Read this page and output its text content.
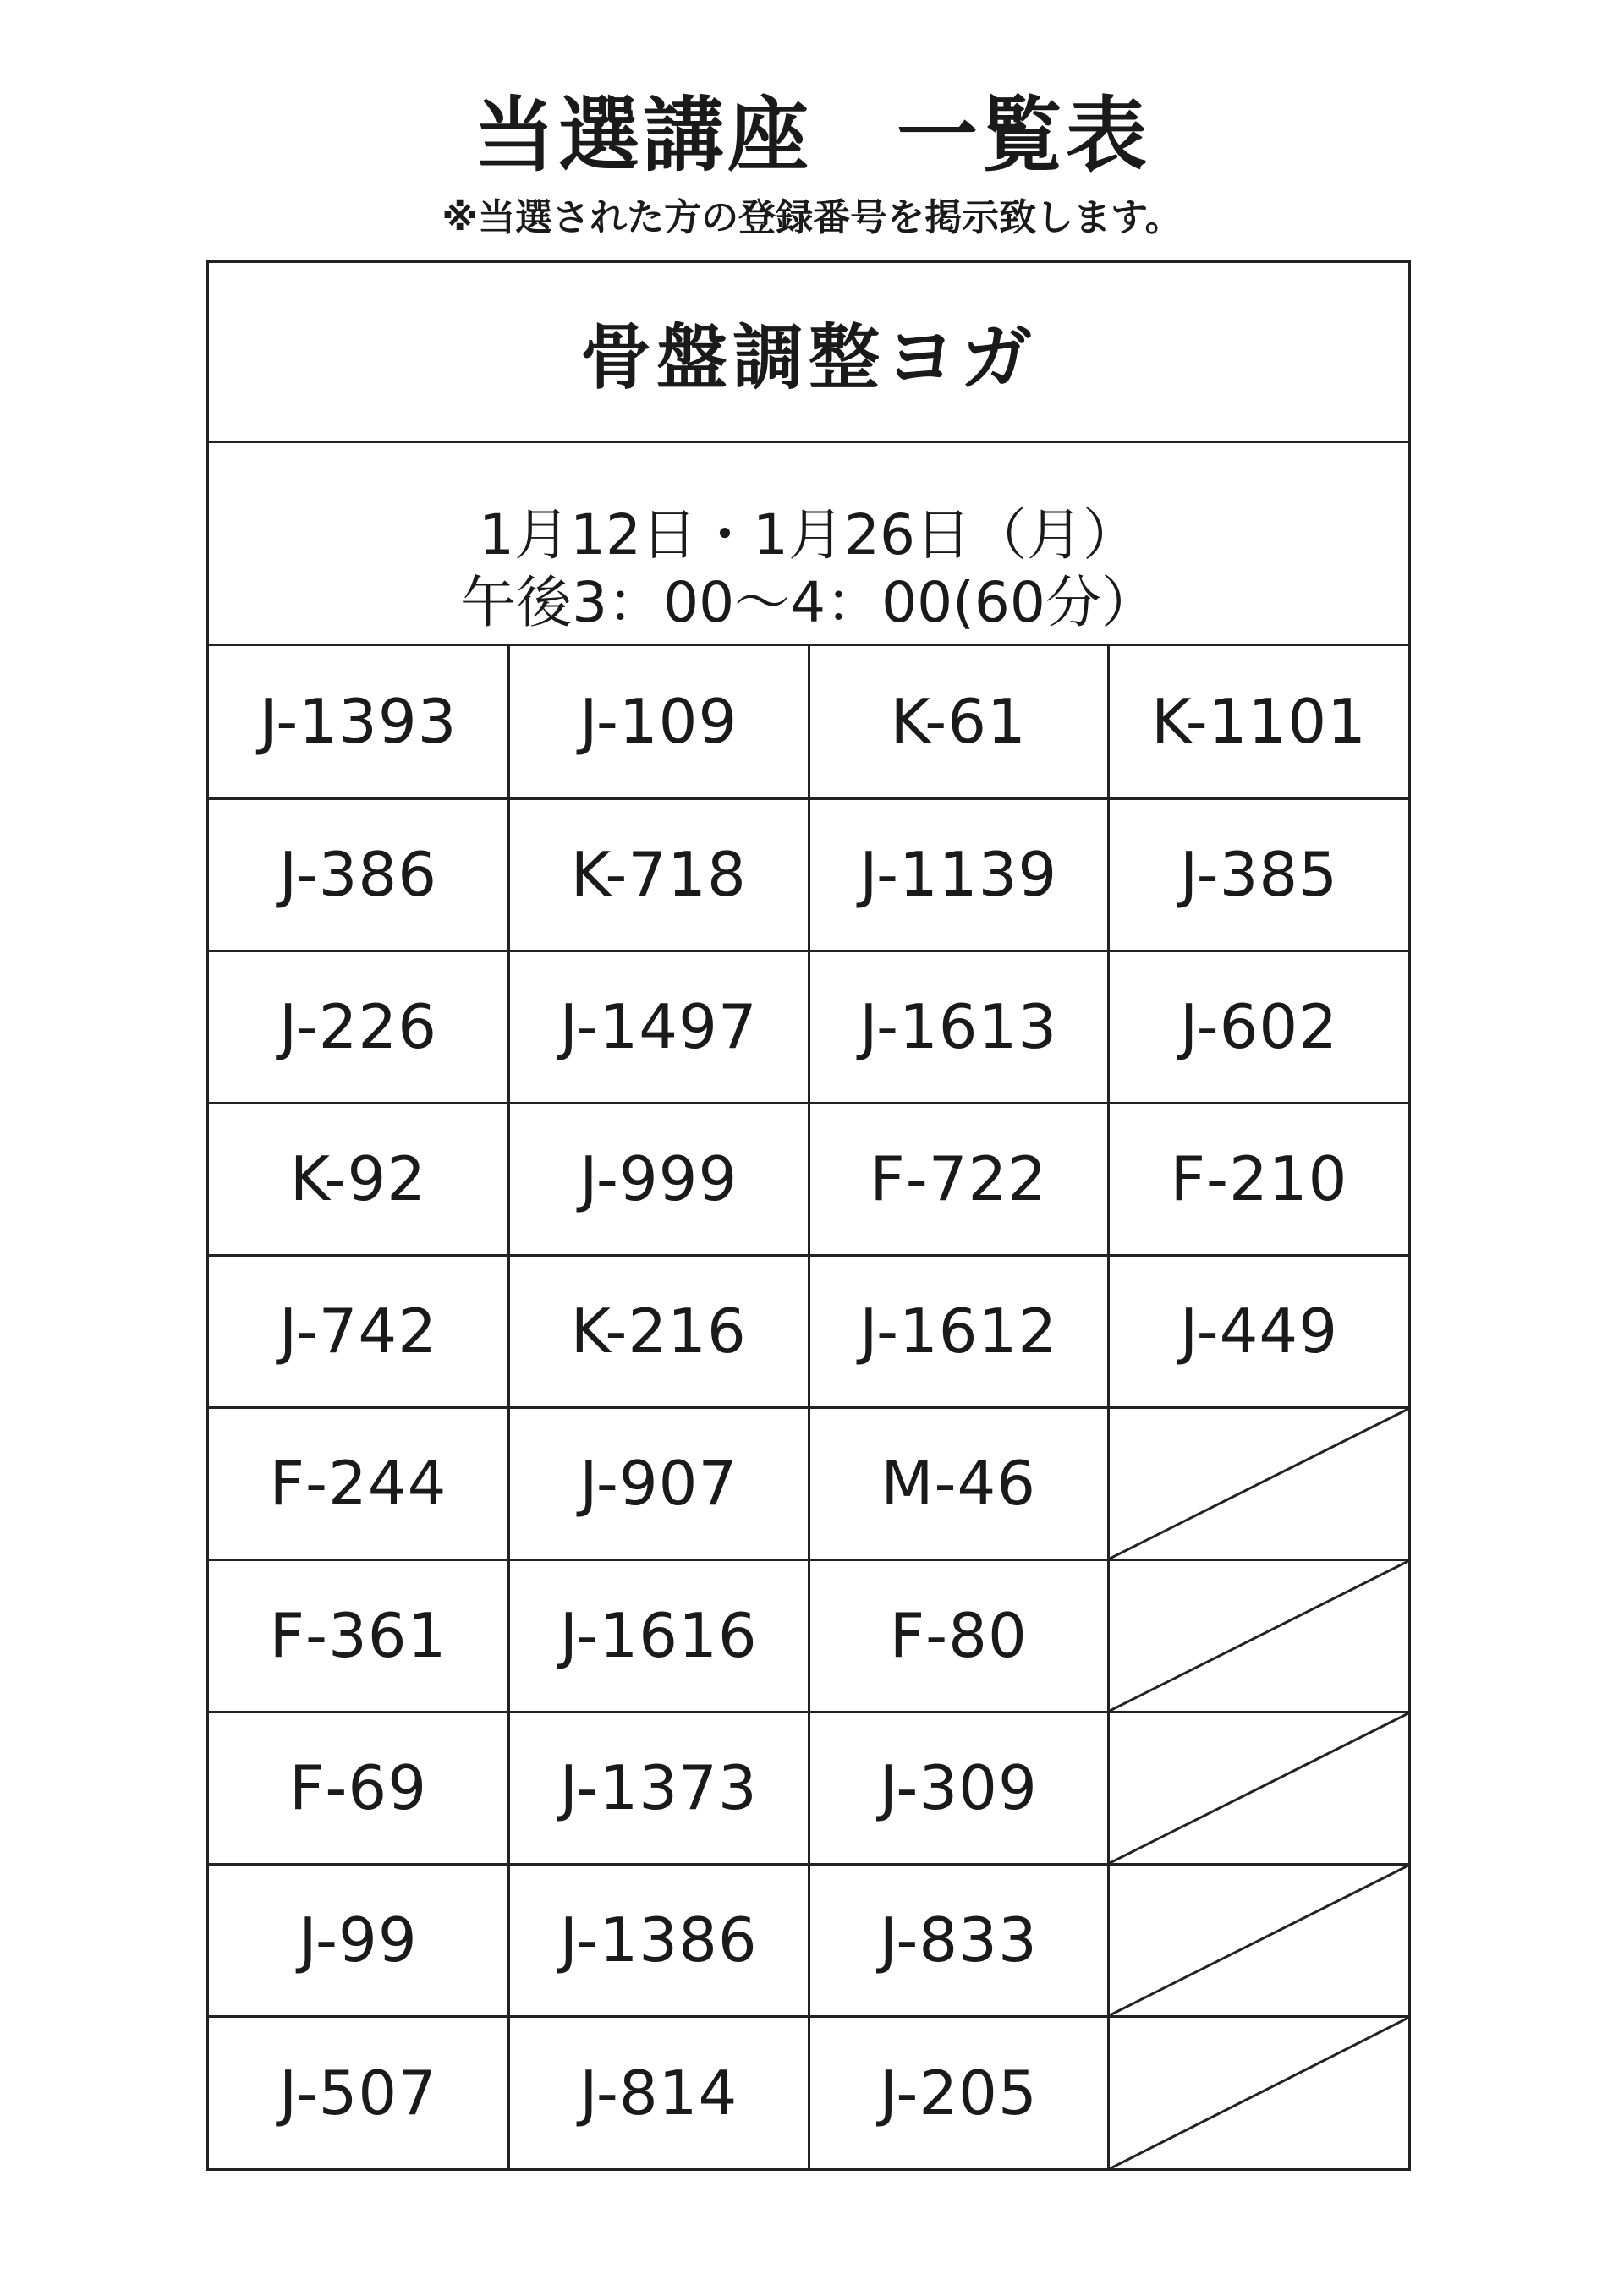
当選講座　一覧表
※当選された方の登録番号を掲示致します。
骨盤調整ヨガ
1月12日・1月26日（月）
午後3：00～4：00(60分）
J-1393	J-109	K-61	K-1101
J-386	K-718	J-1139	J-385
J-226	J-1497	J-1613	J-602
K-92	J-999	F-722	F-210
J-742	K-216	J-1612	J-449
F-244	J-907	M-46	

F-361	J-1616	F-80	

F-69	J-1373	J-309	

J-99	J-1386	J-833	

J-507	J-814	J-205	
